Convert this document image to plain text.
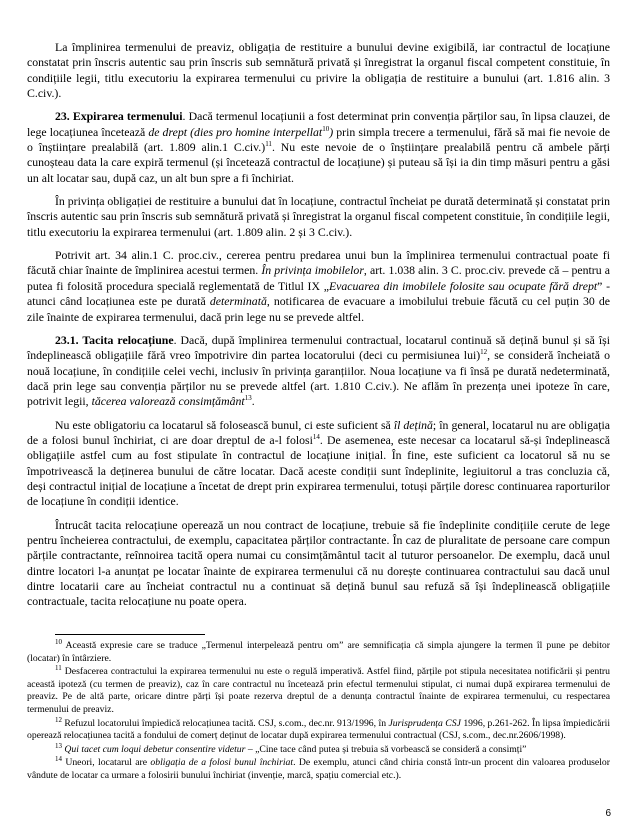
La împlinirea termenului de preaviz, obligația de restituire a bunului devine exigibilă, iar contractul de locațiune constatat prin înscris autentic sau prin înscris sub semnătură privată și înregistrat la organul fiscal competent constituie, în condițiile legii, titlu executoriu la expirarea termenului cu privire la obligația de restituire a bunului (art. 1.816 alin. 3 C.civ.).

23. Expirarea termenului. Dacă termenul locațiunii a fost determinat prin convenția părților sau, în lipsa clauzei, de lege locațiunea încetează de drept (dies pro homine interpellat$^{10}$) prin simpla trecere a termenului, fără să mai fie nevoie de o înștiințare prealabilă (art. 1.809 alin.1 C.civ.)$^{11}$. Nu este nevoie de o înștiințare prealabilă pentru că ambele părți cunoșteau data la care expiră termenul (și încetează contractul de locațiune) și puteau să își ia din timp măsuri pentru a găsi un alt locatar sau, după caz, un alt bun spre a fi închiriat.

În privința obligației de restituire a bunului dat în locațiune, contractul încheiat pe durată determinată și constatat prin înscris autentic sau prin înscris sub semnătură privată și înregistrat la organul fiscal competent constituie, în condițiile legii, titlu executoriu la expirarea termenului (art. 1.809 alin. 2 și 3 C.civ.).

Potrivit art. 34 alin.1 C. proc.civ., cererea pentru predarea unui bun la împlinirea termenului contractual poate fi făcută chiar înainte de împlinirea acestui termen. În privința imobilelor, art. 1.038 alin. 3 C. proc.civ. prevede că – pentru a putea fi folosită procedura specială reglementată de Titlul IX „Evacuarea din imobilele folosite sau ocupate fără drept” - atunci când locațiunea este pe durată determinată, notificarea de evacuare a imobilului trebuie făcută cu cel puțin 30 de zile înainte de expirarea termenului, dacă prin lege nu se prevede altfel.

23.1. Tacita relocațiune. Dacă, după împlinirea termenului contractual, locatarul continuă să dețină bunul și să își îndeplinească obligațiile fără vreo împotrivire din partea locatorului (deci cu permisiunea lui)$^{12}$, se consideră încheiată o nouă locațiune, în condițiile celei vechi, inclusiv în privința garanțiilor. Noua locațiune va fi însă pe durată nedeterminată, dacă prin lege sau convenția părților nu se prevede altfel (art. 1.810 C.civ.). Ne aflăm în prezența unei ipoteze în care, potrivit legii, tăcerea valorează consimțământ$^{13}$.

Nu este obligatoriu ca locatarul să folosească bunul, ci este suficient să îl dețină; în general, locatarul nu are obligația de a folosi bunul închiriat, ci are doar dreptul de a-l folosi$^{14}$. De asemenea, este necesar ca locatarul să-și îndeplinească obligațiile astfel cum au fost stipulate în contractul de locațiune inițial. În fine, este suficient ca locatorul să nu se împotrivească la deținerea bunului de către locatar. Dacă aceste condiții sunt îndeplinite, legiuitorul a tras concluzia că, deși contractul inițial de locațiune a încetat de drept prin expirarea termenului, totuși părțile doresc continuarea raporturilor de locațiune în condiții identice.

Întrucât tacita relocațiune operează un nou contract de locațiune, trebuie să fie îndeplinite condițiile cerute de lege pentru încheierea contractului, de exemplu, capacitatea părților contractante. În caz de pluralitate de persoane care compun părțile contractante, reînnoirea tacită opera numai cu consimțământul tacit al tuturor persoanelor. De exemplu, dacă unul dintre locatori l-a anunțat pe locatar înainte de expirarea termenului că nu dorește continuarea contractului sau dacă unul dintre locatarii care au încheiat contractul nu a continuat să dețină bunul sau refuză să își îndeplinească obligațiile contractuale, tacita relocațiune nu poate opera.

$^{10}$ Această expresie care se traduce „Termenul interpelează pentru om” are semnificația că simpla ajungere la termen îl pune pe debitor (locatar) în întârziere.

$^{11}$ Desfacerea contractului la expirarea termenului nu este o regulă imperativă. Astfel fiind, părțile pot stipula necesitatea notificării și pentru această ipoteză (cu termen de preaviz), caz în care contractul nu încetează prin efectul termenului stipulat, ci numai după expirarea termenului de preaviz. Pe de altă parte, oricare dintre părți își poate rezerva dreptul de a denunța contractul înainte de expirarea termenului, cu respectarea termenului de preaviz.

$^{12}$ Refuzul locatorului împiedică relocațiunea tacită. CSJ, s.com., dec.nr. 913/1996, în Jurisprudența CSJ 1996, p.261-262. În lipsa împiedicării operează relocațiunea tacită a fondului de comerț deținut de locatar după expirarea termenului contractual (CSJ, s.com., dec.nr.2606/1998).

$^{13}$ Qui tacet cum loqui debetur consentire videtur – „Cine tace când putea și trebuia să vorbească se consideră a consimți”

$^{14}$ Uneori, locatarul are obligația de a folosi bunul închiriat. De exemplu, atunci când chiria constă într-un procent din valoarea produselor vândute de locatar ca urmare a folosirii bunului închiriat (invenție, marcă, spațiu comercial etc.).

6
